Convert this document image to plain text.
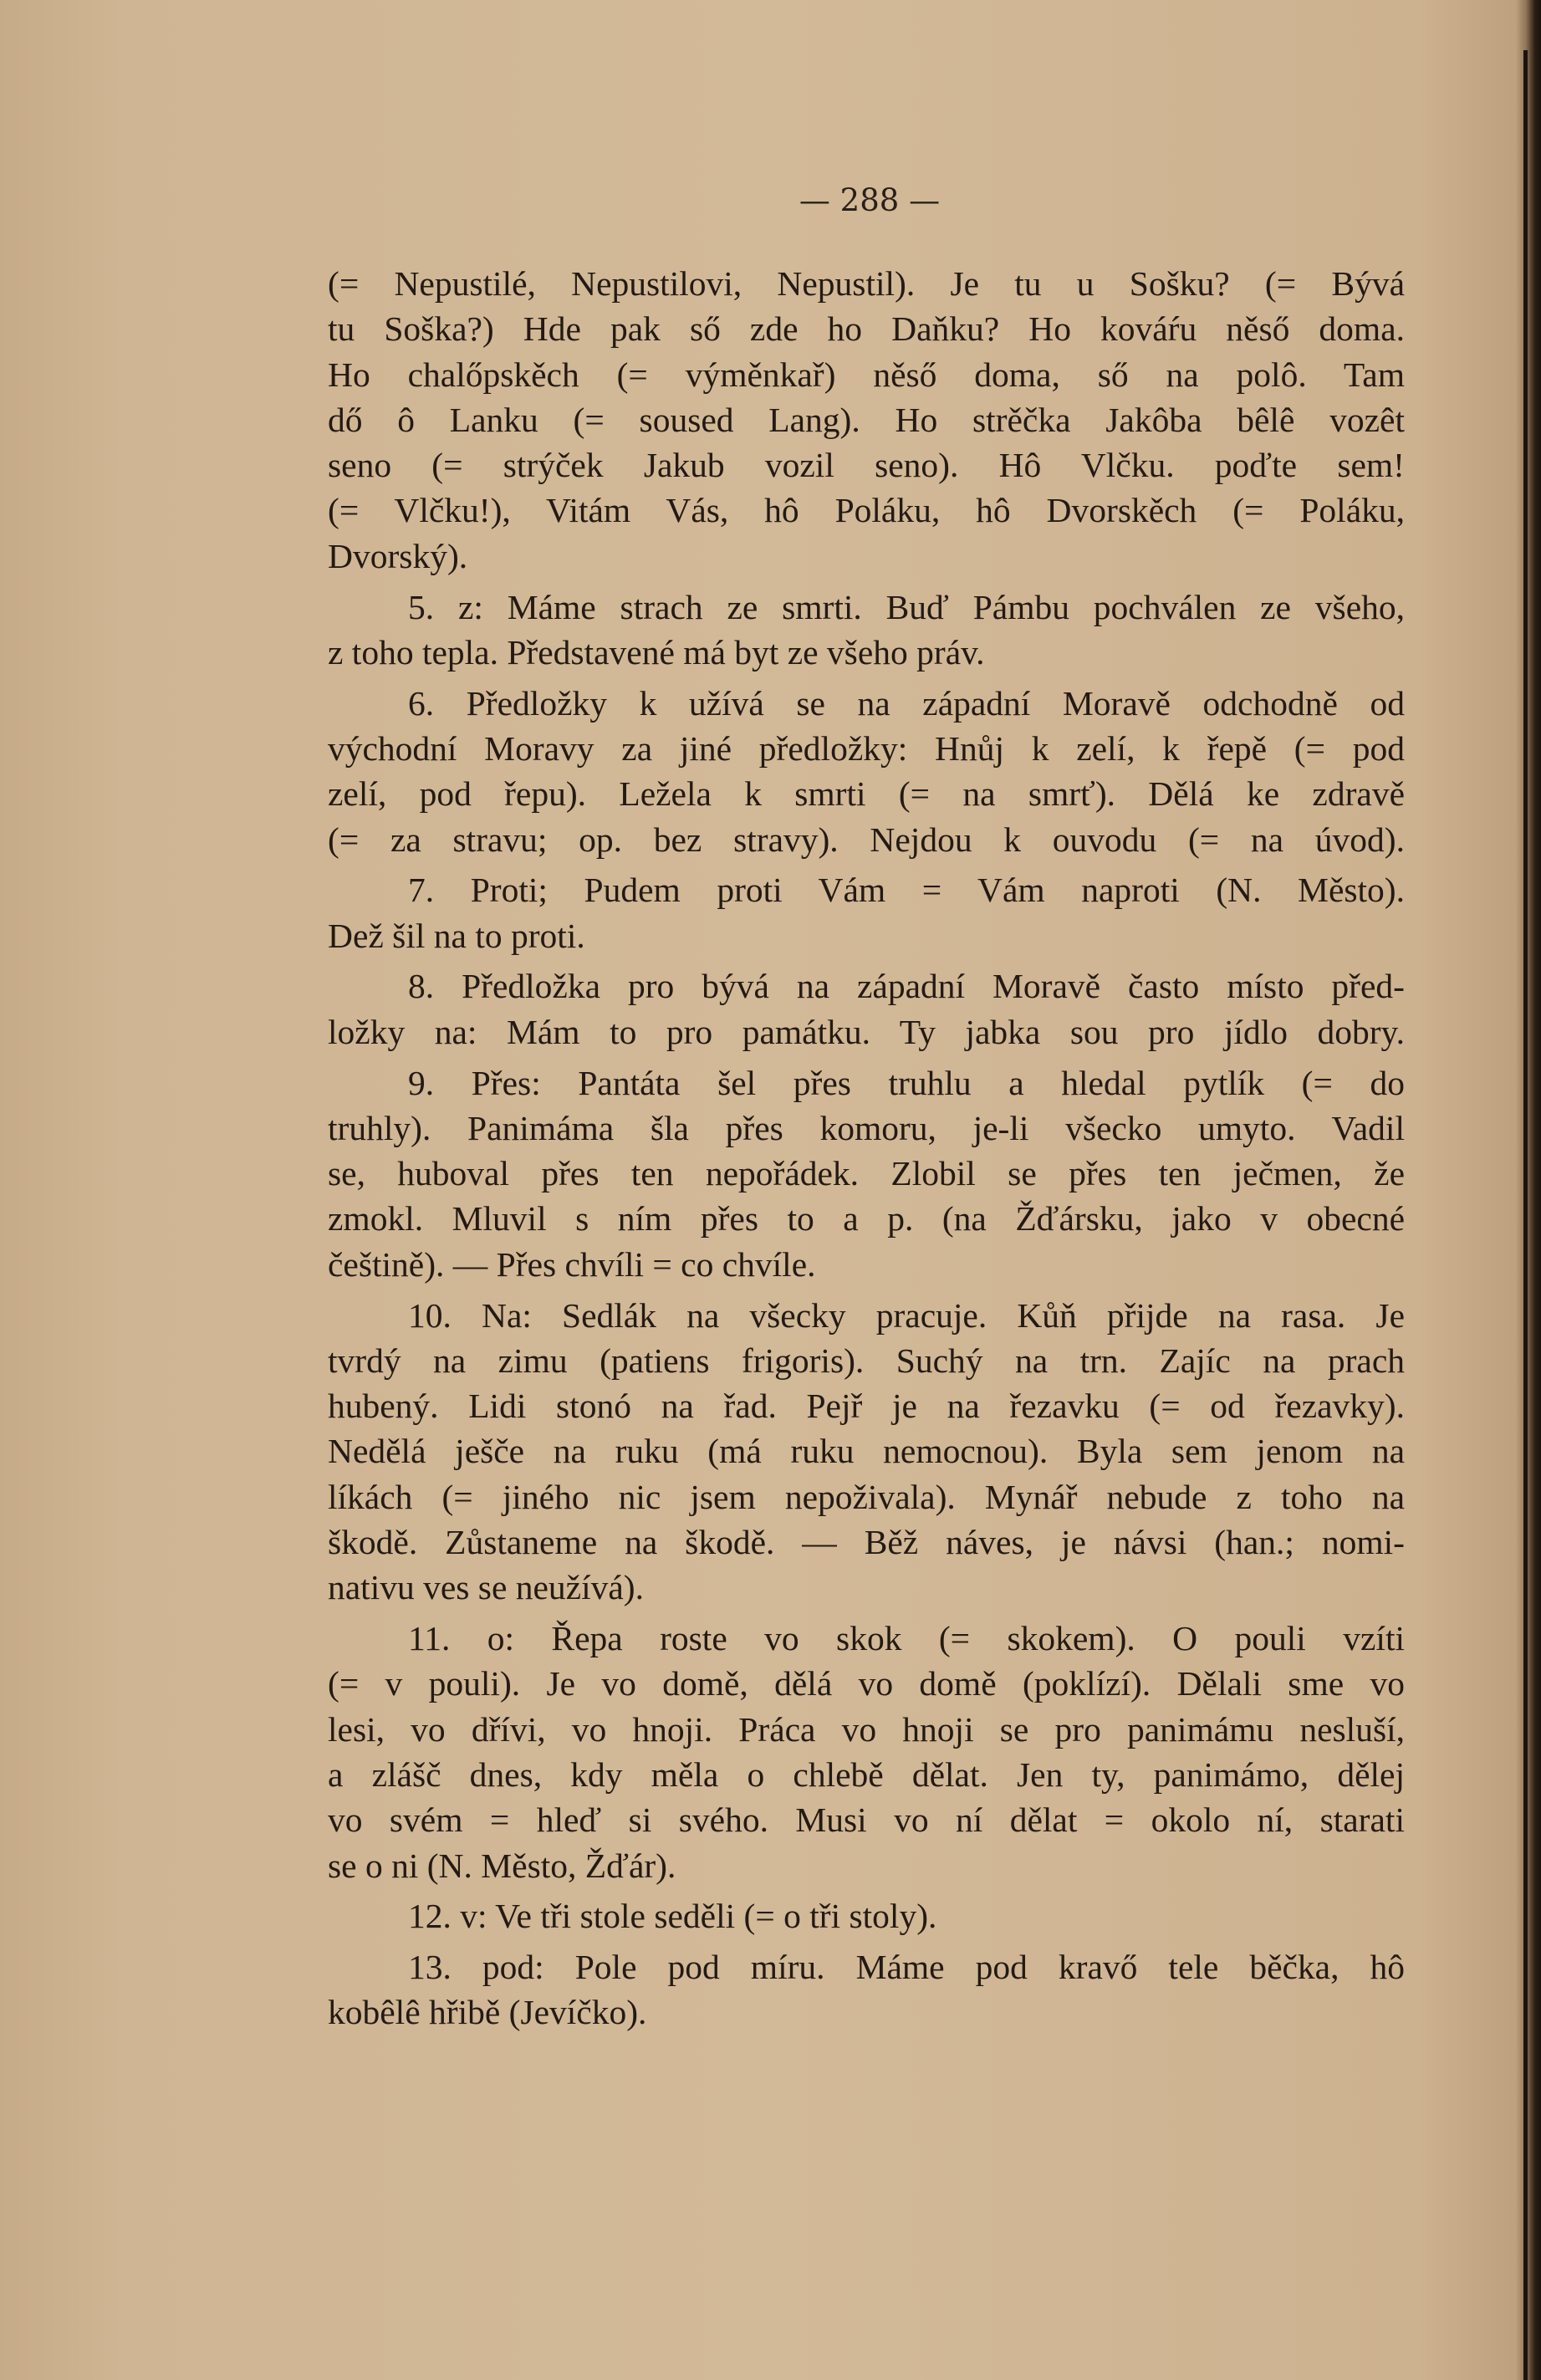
— 288 —
(= Nepustilé, Nepustilovi, Nepustil). Je tu u Sošku? (= Bývá
tu Soška?) Hde pak ső zde ho Daňku? Ho kováŕu něső doma.
Ho chalőpskěch (= výměnkař) něső doma, ső na polô. Tam
dő ô Lanku (= soused Lang). Ho strěčka Jakôba bêlê vozêt
seno (= strýček Jakub vozil seno). Hô Vlčku. poďte sem!
(= Vlčku!), Vitám Vás, hô Poláku, hô Dvorskěch (= Poláku,
Dvorský).
5. z: Máme strach ze smrti. Buď Pámbu pochválen ze všeho,
z toho tepla. Představené má byt ze všeho práv.
6. Předložky k užívá se na západní Moravě odchodně od
východní Moravy za jiné předložky: Hnůj k zelí, k řepě (= pod
zelí, pod řepu). Ležela k smrti (= na smrť). Dělá ke zdravě
(= za stravu; op. bez stravy). Nejdou k ouvodu (= na úvod).
7. Proti; Pudem proti Vám = Vám naproti (N. Město).
Dež šil na to proti.
8. Předložka pro bývá na západní Moravě často místo před-
ložky na: Mám to pro památku. Ty jabka sou pro jídlo dobry.
9. Přes: Pantáta šel přes truhlu a hledal pytlík (= do
truhly). Panimáma šla přes komoru, je-li všecko umyto. Vadil
se, huboval přes ten nepořádek. Zlobil se přes ten ječmen, že
zmokl. Mluvil s ním přes to a p. (na Žďársku, jako v obecné
češtině). — Přes chvíli = co chvíle.
10. Na: Sedlák na všecky pracuje. Kůň přijde na rasa. Je
tvrdý na zimu (patiens frigoris). Suchý na trn. Zajíc na prach
hubený. Lidi stonó na řad. Pejř je na řezavku (= od řezavky).
Nedělá ješče na ruku (má ruku nemocnou). Byla sem jenom na
líkách (= jiného nic jsem nepoživala). Mynář nebude z toho na
škodě. Zůstaneme na škodě. — Běž náves, je návsi (han.; nomi-
nativu ves se neužívá).
11. o: Řepa roste vo skok (= skokem). O pouli vzíti
(= v pouli). Je vo domě, dělá vo domě (poklízí). Dělali sme vo
lesi, vo dřívi, vo hnoji. Práca vo hnoji se pro panimámu nesluší,
a zlášč dnes, kdy měla o chlebě dělat. Jen ty, panimámo, dělej
vo svém = hleď si svého. Musi vo ní dělat = okolo ní, starati
se o ni (N. Město, Žďár).
12. v: Ve tři stole seděli (= o tři stoly).
13. pod: Pole pod míru. Máme pod kravő tele běčka, hô
kobêlê hřibě (Jevíčko).
